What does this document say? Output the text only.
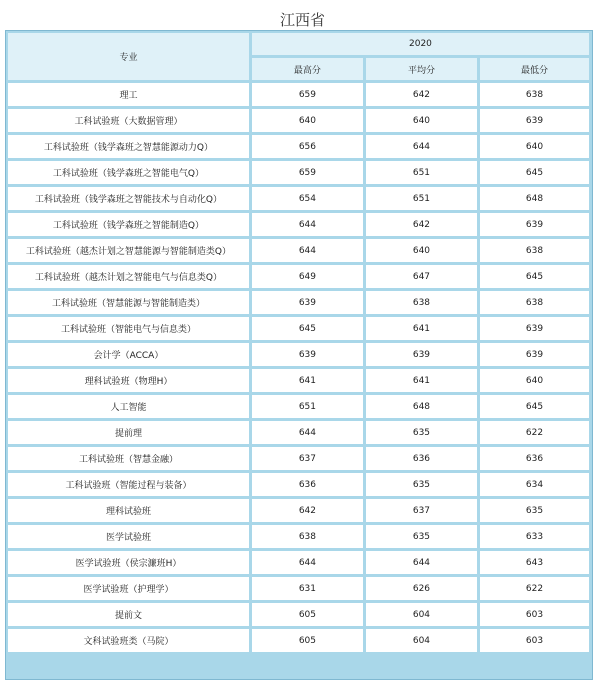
江西省
专业	2020		
	最高分	平均分	最低分
理工	659	642	638
工科试验班（大数据管理）	640	640	639
工科试验班（钱学森班之智慧能源动力Q）	656	644	640
工科试验班（钱学森班之智能电气Q）	659	651	645
工科试验班（钱学森班之智能技术与自动化Q）	654	651	648
工科试验班（钱学森班之智能制造Q）	644	642	639
工科试验班（越杰计划之智慧能源与智能制造类Q）	644	640	638
工科试验班（越杰计划之智能电气与信息类Q）	649	647	645
工科试验班（智慧能源与智能制造类）	639	638	638
工科试验班（智能电气与信息类）	645	641	639
会计学（ACCA）	639	639	639
理科试验班（物理H）	641	641	640
人工智能	651	648	645
提前理	644	635	622
工科试验班（智慧金融）	637	636	636
工科试验班（智能过程与装备）	636	635	634
理科试验班	642	637	635
医学试验班	638	635	633
医学试验班（侯宗濂班H）	644	644	643
医学试验班（护理学）	631	626	622
提前文	605	604	603
文科试验班类（马院）	605	604	603
